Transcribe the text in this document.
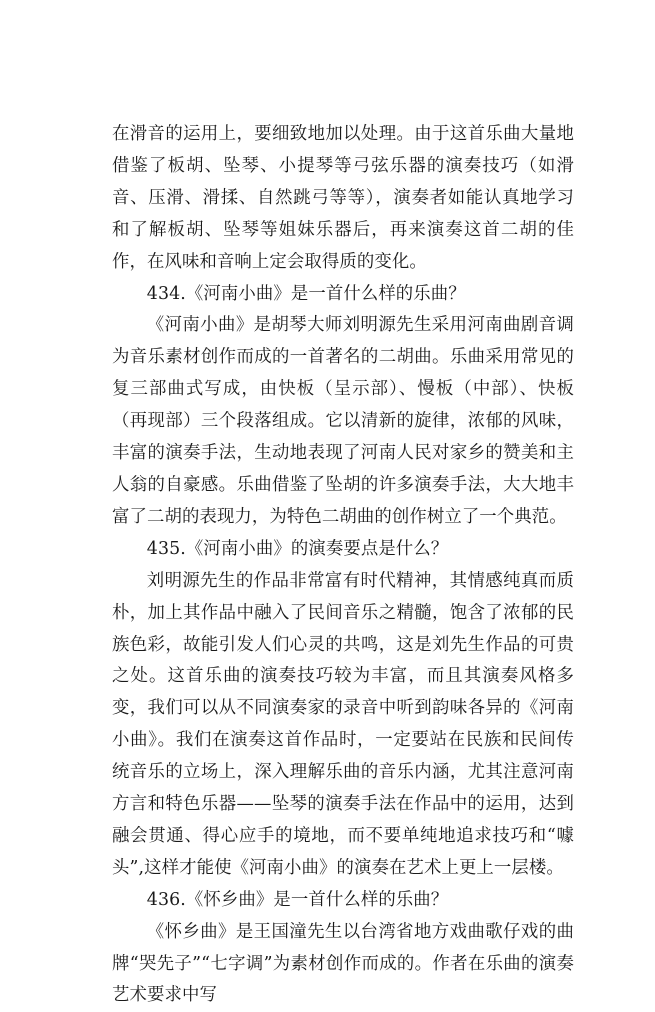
在滑音的运用上，要细致地加以处理。由于这首乐曲大量地借鉴了板胡、坠琴、小提琴等弓弦乐器的演奏技巧（如滑音、压滑、滑揉、自然跳弓等等），演奏者如能认真地学习和了解板胡、坠琴等姐妹乐器后，再来演奏这首二胡的佳作，在风味和音响上定会取得质的变化。

434.《河南小曲》是一首什么样的乐曲？

《河南小曲》是胡琴大师刘明源先生采用河南曲剧音调为音乐素材创作而成的一首著名的二胡曲。乐曲采用常见的复三部曲式写成，由快板（呈示部）、慢板（中部）、快板（再现部）三个段落组成。它以清新的旋律，浓郁的风味，丰富的演奏手法，生动地表现了河南人民对家乡的赞美和主人翁的自豪感。乐曲借鉴了坠胡的许多演奏手法，大大地丰富了二胡的表现力，为特色二胡曲的创作树立了一个典范。

435.《河南小曲》的演奏要点是什么？

刘明源先生的作品非常富有时代精神，其情感纯真而质朴，加上其作品中融入了民间音乐之精髓，饱含了浓郁的民族色彩，故能引发人们心灵的共鸣，这是刘先生作品的可贵之处。这首乐曲的演奏技巧较为丰富，而且其演奏风格多变，我们可以从不同演奏家的录音中听到韵味各异的《河南小曲》。我们在演奏这首作品时，一定要站在民族和民间传统音乐的立场上，深入理解乐曲的音乐内涵，尤其注意河南方言和特色乐器——坠琴的演奏手法在作品中的运用，达到融会贯通、得心应手的境地，而不要单纯地追求技巧和“噱头”,这样才能使《河南小曲》的演奏在艺术上更上一层楼。

436.《怀乡曲》是一首什么样的乐曲？

《怀乡曲》是王国潼先生以台湾省地方戏曲歌仔戏的曲牌“哭先子”“七字调”为素材创作而成的。作者在乐曲的演奏艺术要求中写
